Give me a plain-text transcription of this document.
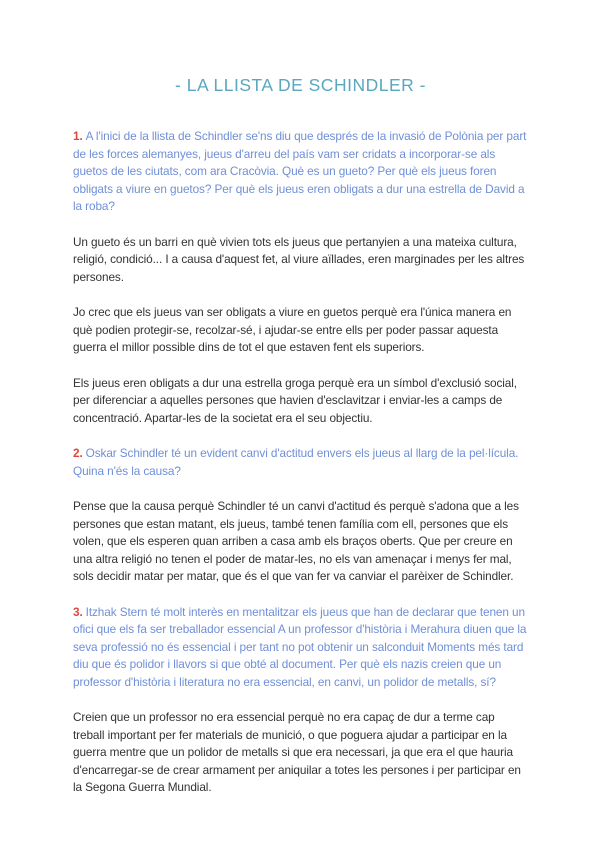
- LA LLISTA DE SCHINDLER -

1. A l'inici de la llista de Schindler se'ns diu que després de la invasió de Polònia per part de les forces alemanyes, jueus d'arreu del país vam ser cridats a incorporar-se als guetos de les ciutats, com ara Cracòvia. Què es un gueto? Per què els jueus foren obligats a viure en guetos? Per què els jueus eren obligats a dur una estrella de David a la roba?

Un gueto és un barri en què vivien tots els jueus que pertanyien a una mateixa cultura, religió, condició... I a causa d'aquest fet, al viure aïllades, eren marginades per les altres persones.

Jo crec que els jueus van ser obligats a viure en guetos perquè era l'única manera en què podien protegir-se, recolzar-sé, i ajudar-se entre ells per poder passar aquesta guerra el millor possible dins de tot el que estaven fent els superiors.

Els jueus eren obligats a dur una estrella groga perquè era un símbol d'exclusió social, per diferenciar a aquelles persones que havien d'esclavitzar i enviar-les a camps de concentració. Apartar-les de la societat era el seu objectiu.

2. Oskar Schindler té un evident canvi d'actitud envers els jueus al llarg de la pel·lícula. Quina n'és la causa?

Pense que la causa perquè Schindler té un canvi d'actitud és perquè s'adona que a les persones que estan matant, els jueus, també tenen família com ell, persones que els volen, que els esperen quan arriben a casa amb els braços oberts. Que per creure en una altra religió no tenen el poder de matar-les, no els van amenaçar i menys fer mal, sols decidir matar per matar, que és el que van fer va canviar el parèixer de Schindler.

3. Itzhak Stern té molt interès en mentalitzar els jueus que han de declarar que tenen un ofici que els fa ser treballador essencial A un professor d'història i Merahura diuen que la seva professió no és essencial i per tant no pot obtenir un salconduit Moments més tard diu que és polidor i llavors si que obté al document. Per què els nazis creien que un professor d'història i literatura no era essencial, en canvi, un polidor de metalls, sí?

Creien que un professor no era essencial perquè no era capaç de dur a terme cap treball important per fer materials de munició, o que poguera ajudar a participar en la guerra mentre que un polidor de metalls si que era necessari, ja que era el que hauria d'encarregar-se de crear armament per aniquilar a totes les persones i per participar en la Segona Guerra Mundial.
